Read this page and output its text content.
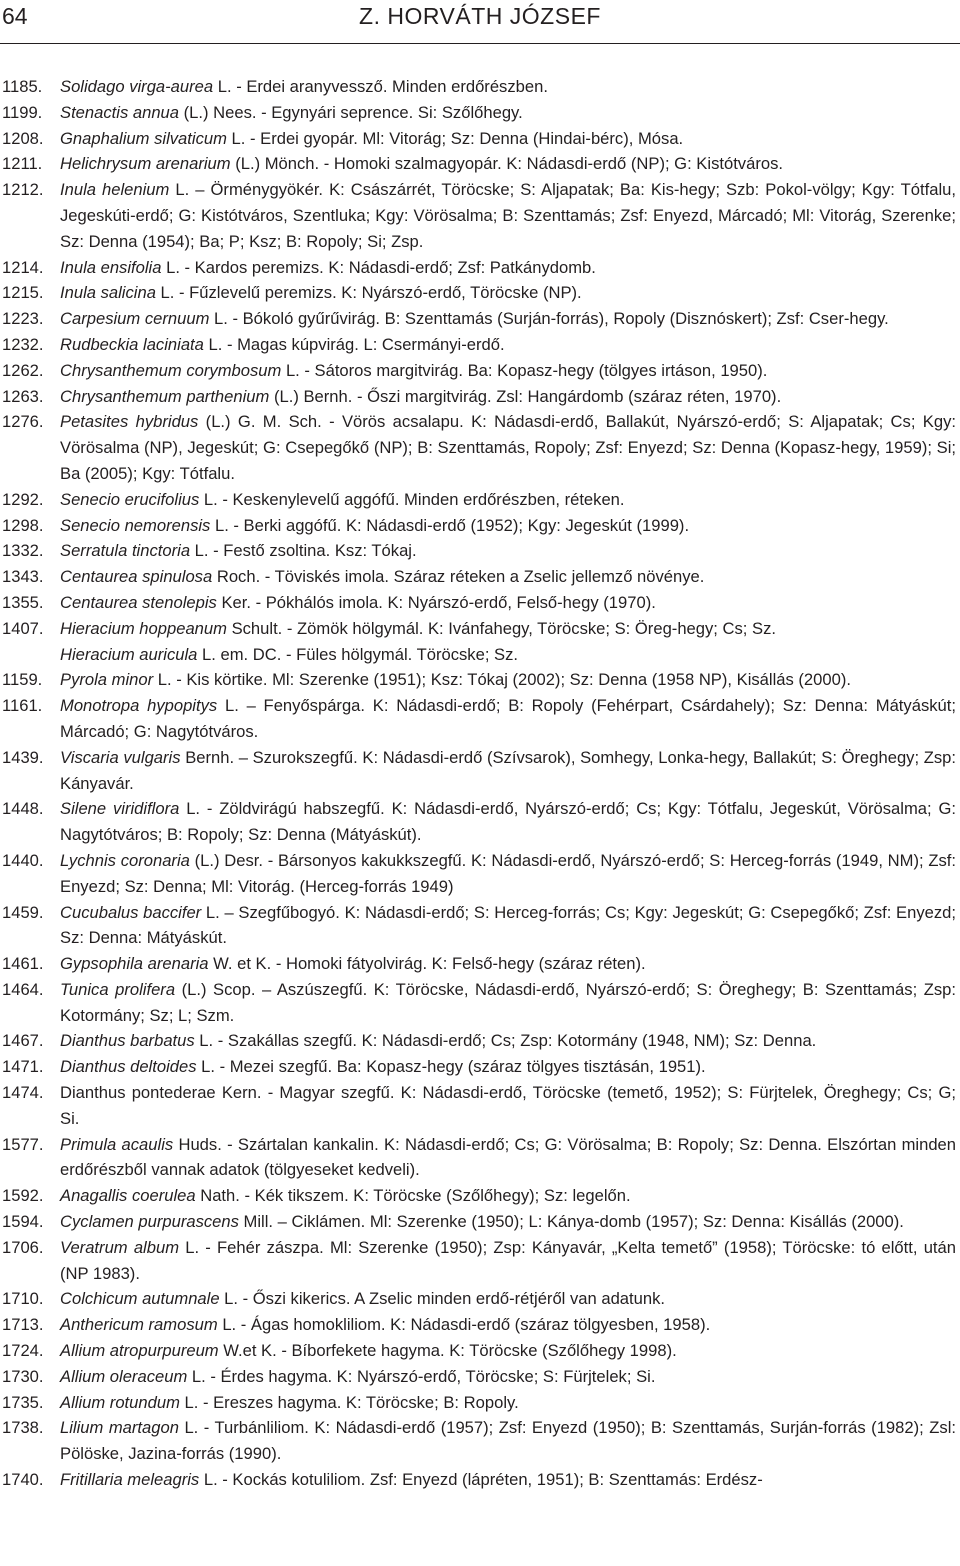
64	Z. HORVÁTH JÓZSEF
1185.	Solidago virga-aurea L. - Erdei aranyvessző. Minden erdőrészben.
1199.	Stenactis annua (L.) Nees. - Egynyári seprence. Si: Szőlőhegy.
1208. Gnaphalium silvaticum L. - Erdei gyopár. Ml: Vitorág; Sz: Denna (Hindai-bérc), Mósa.
1211.	Helichrysum arenarium (L.) Mönch. - Homoki szalmagyopár. K: Nádasdi-erdő (NP); G: Kistótváros.
1212. Inula helenium L. – Örménygyökér. K: Császárrét, Töröcske; S: Aljapatak; Ba: Kis-hegy; Szb: Pokol-völgy; Kgy: Tótfalu, Jegeskúti-erdő; G: Kistótváros, Szentluka; Kgy: Vörösalma; B: Szenttamás; Zsf: Enyezd, Márcadó; Ml: Vitorág, Szerenke; Sz: Denna (1954); Ba; P; Ksz; B: Ropoly; Si; Zsp.
1214. Inula ensifolia L. - Kardos peremizs. K: Nádasdi-erdő; Zsf: Patkánydomb.
1215. Inula salicina L. - Fűzlevelű peremizs. K: Nyárszó-erdő, Töröcske (NP).
1223. Carpesium cernuum L. - Bókoló gyűrűvirág. B: Szenttamás (Surján-forrás), Ropoly (Disznóskert); Zsf: Cser-hegy.
1232. Rudbeckia laciniata L. - Magas kúpvirág. L: Csermányi-erdő.
1262. Chrysanthemum corymbosum L. - Sátoros margitvirág. Ba: Kopasz-hegy (tölgyes irtáson, 1950).
1263. Chrysanthemum parthenium (L.) Bernh. - Őszi margitvirág. Zsl: Hangárdomb (száraz réten, 1970).
1276. Petasites hybridus (L.) G. M. Sch. - Vörös acsalapu. K: Nádasdi-erdő, Ballakút, Nyárszó-erdő; S: Aljapatak; Cs; Kgy: Vörösalma (NP), Jegeskút; G: Csepegőkő (NP); B: Szenttamás, Ropoly; Zsf: Enyezd; Sz: Denna (Kopasz-hegy, 1959); Si; Ba (2005); Kgy: Tótfalu.
1292. Senecio erucifolius L. - Keskenylevelű aggófű. Minden erdőrészben, réteken.
1298. Senecio nemorensis L. - Berki aggófű. K: Nádasdi-erdő (1952); Kgy: Jegeskút (1999).
1332. Serratula tinctoria L. - Festő zsoltina. Ksz: Tókaj.
1343. Centaurea spinulosa Roch. - Töviskés imola. Száraz réteken a Zselic jellemző növénye.
1355. Centaurea stenolepis Ker. - Pókhálós imola. K: Nyárszó-erdő, Felső-hegy (1970).
1407. Hieracium hoppeanum Schult. - Zömök hölgymál. K: Ivánfahegy, Töröcske; S: Öreg-hegy; Cs; Sz.
Hieracium auricula L. em. DC. - Füles hölgymál. Töröcske; Sz.
1159.	Pyrola minor L. - Kis körtike. Ml: Szerenke (1951); Ksz: Tókaj (2002); Sz: Denna (1958 NP), Kisállás (2000).
1161.	Monotropa hypopitys L. – Fenyőspárga. K: Nádasdi-erdő; B: Ropoly (Fehérpart, Csárdahely); Sz: Denna: Mátyáskút; Márcadó; G: Nagytótváros.
1439. Viscaria vulgaris Bernh. – Szurokszegfű. K: Nádasdi-erdő (Szívsarok), Somhegy, Lonka-hegy, Ballakút; S: Öreghegy; Zsp: Kányavár.
1448. Silene viridiflora L. - Zöldvirágú habszegfű. K: Nádasdi-erdő, Nyárszó-erdő; Cs; Kgy: Tótfalu, Jegeskút, Vörösalma; G: Nagytótváros; B: Ropoly; Sz: Denna (Mátyáskút).
1440. Lychnis coronaria (L.) Desr. - Bársonyos kakukkszegfű. K: Nádasdi-erdő, Nyárszó-erdő; S: Herceg-forrás (1949, NM); Zsf: Enyezd; Sz: Denna; Ml: Vitorág. (Herceg-forrás 1949)
1459. Cucubalus baccifer L. – Szegfűbogyó. K: Nádasdi-erdő; S: Herceg-forrás; Cs; Kgy: Jegeskút; G: Csepegőkő; Zsf: Enyezd; Sz: Denna: Mátyáskút.
1461. Gypsophila arenaria W. et K. - Homoki fátyolvirág. K: Felső-hegy (száraz réten).
1464. Tunica prolifera (L.) Scop. – Aszúszegfű. K: Töröcske, Nádasdi-erdő, Nyárszó-erdő; S: Öreghegy; B: Szenttamás; Zsp: Kotormány; Sz; L; Szm.
1467. Dianthus barbatus L. - Szakállas szegfű. K: Nádasdi-erdő; Cs; Zsp: Kotormány (1948, NM); Sz: Denna.
1471. Dianthus deltoides L. - Mezei szegfű. Ba: Kopasz-hegy (száraz tölgyes tisztásán, 1951).
1474. Dianthus pontederae Kern. - Magyar szegfű. K: Nádasdi-erdő, Töröcske (temető, 1952); S: Fürjtelek, Öreghegy; Cs; G; Si.
1577. Primula acaulis Huds. - Szártalan kankalin. K: Nádasdi-erdő; Cs; G: Vörösalma; B: Ropoly; Sz: Denna. Elszórtan minden erdőrészből vannak adatok (tölgyeseket kedveli).
1592. Anagallis coerulea Nath. - Kék tikszem. K: Töröcske (Szőlőhegy); Sz: legelőn.
1594. Cyclamen purpurascens Mill. – Ciklámen. Ml: Szerenke (1950); L: Kánya-domb (1957); Sz: Denna: Kisállás (2000).
1706. Veratrum album L. - Fehér zászpa. Ml: Szerenke (1950); Zsp: Kányavár, „Kelta temető” (1958); Töröcske: tó előtt, után (NP 1983).
1710. Colchicum autumnale L. - Őszi kikerics. A Zselic minden erdő-rétjéről van adatunk.
1713. Anthericum ramosum L. - Ágas homokliliom. K: Nádasdi-erdő (száraz tölgyesben, 1958).
1724. Allium atropurpureum W.et K. - Bíborfekete hagyma. K: Töröcske (Szőlőhegy 1998).
1730. Allium oleraceum L. - Érdes hagyma. K: Nyárszó-erdő, Töröcske; S: Fürjtelek; Si.
1735. Allium rotundum L. - Ereszes hagyma. K: Töröcske; B: Ropoly.
1738. Lilium martagon L. - Turbánliliom. K: Nádasdi-erdő (1957); Zsf: Enyezd (1950); B: Szenttamás, Surján-forrás (1982); Zsl: Pölöske, Jazina-forrás (1990).
1740. Fritillaria meleagris L. - Kockás kotuliliom. Zsf: Enyezd (lápréten, 1951); B: Szenttamás: Erdész-
